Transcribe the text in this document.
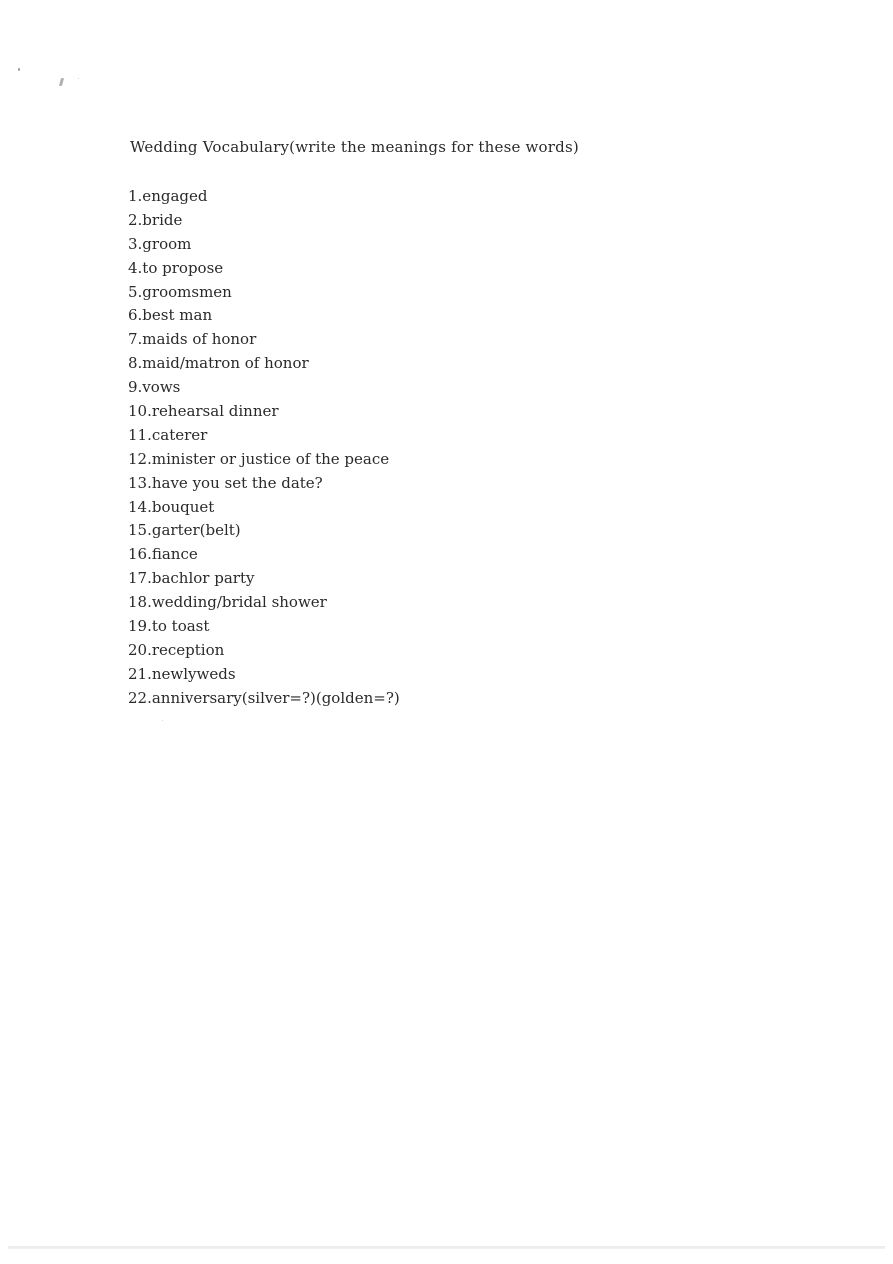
Wedding Vocabulary(write the meanings for these words)
1.engaged
2.bride
3.groom
4.to propose
5.groomsmen
6.best man
7.maids of honor
8.maid/matron of honor
9.vows
10.rehearsal dinner
11.caterer
12.minister or justice of the peace
13.have you set the date?
14.bouquet
15.garter(belt)
16.fiance
17.bachlor party
18.wedding/bridal shower
19.to toast
20.reception
21.newlyweds
22.anniversary(silver=?)(golden=?)
